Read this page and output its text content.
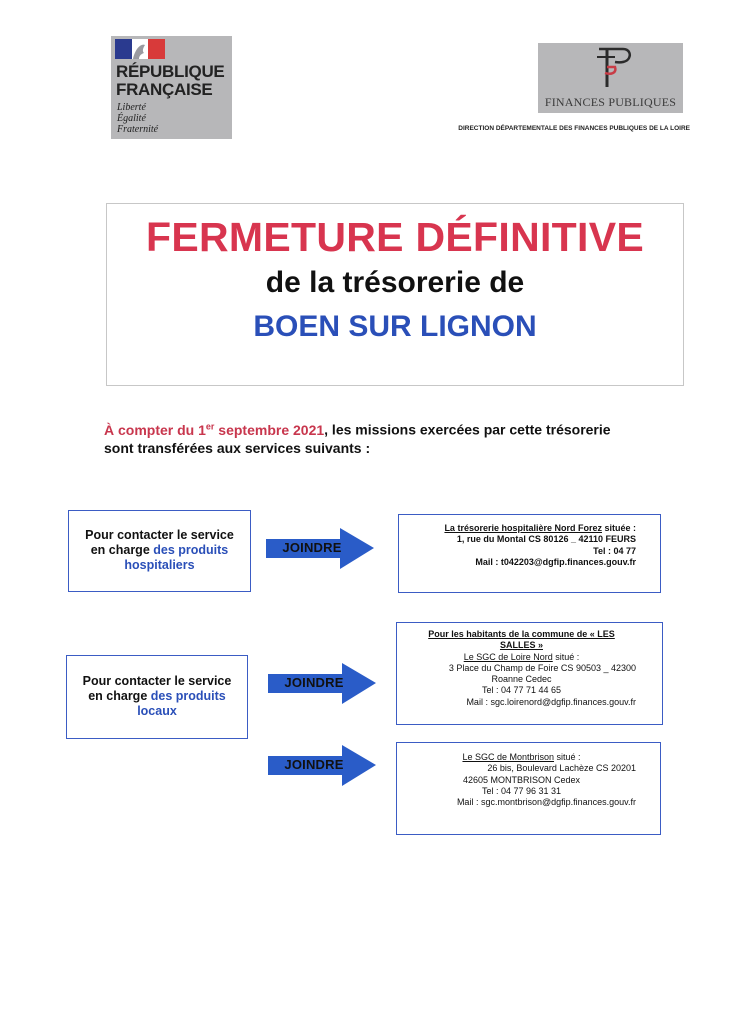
RÉPUBLIQUE
FRANÇAISE
Liberté
Égalité
Fraternité
FINANCES PUBLIQUES
DIRECTION DÉPARTEMENTALE DES FINANCES PUBLIQUES DE LA LOIRE
FERMETURE DÉFINITIVE
de la trésorerie de
BOEN SUR LIGNON
À compter du 1er septembre 2021, les missions exercées par cette trésorerie
sont transférées aux services suivants :
Pour contacter le service
en charge des produits
hospitaliers
JOINDRE
La trésorerie hospitalière Nord Forez située :
1, rue du Montal CS 80126 _ 42110 FEURS
Tel : 04 77
Mail : t042203@dgfip.finances.gouv.fr
Pour contacter le service
en charge des produits
locaux
JOINDRE
Pour les habitants de la commune de « LES
SALLES »
Le SGC de Loire Nord situé :
3 Place du Champ de Foire CS 90503 _ 42300
Roanne Cedec
Tel : 04 77 71 44 65
Mail : sgc.loirenord@dgfip.finances.gouv.fr
JOINDRE	Le SGC de Montbrison situé :
26 bis, Boulevard Lachèze CS 20201
42605 MONTBRISON Cedex
Tel : 04 77 96 31 31
Mail : sgc.montbrison@dgfip.finances.gouv.fr
